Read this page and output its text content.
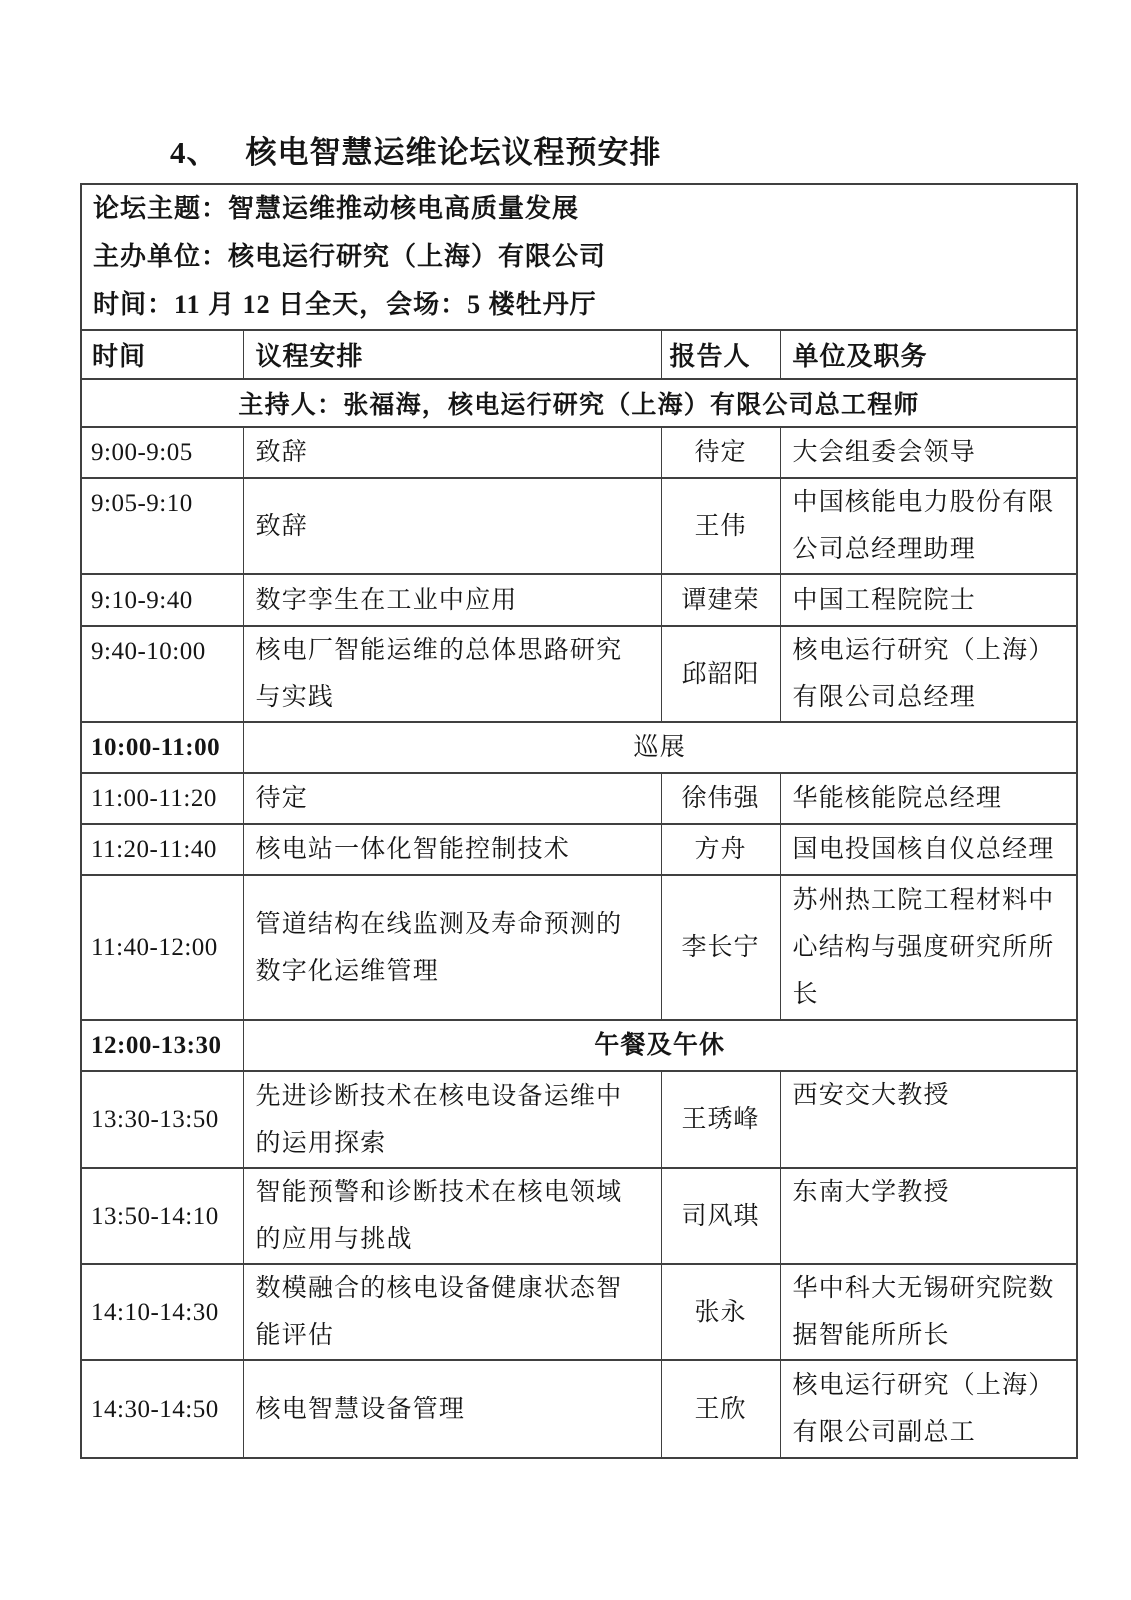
4、 核电智慧运维论坛议程预安排
论坛主题：智慧运维推动核电高质量发展
主办单位：核电运行研究（上海）有限公司
时间：11 月 12 日全天，会场：5 楼牡丹厅			

时间	议程安排	报告人	单位及职务
主持人：张福海，核电运行研究（上海）有限公司总工程师			
9:00-9:05	致辞	待定	大会组委会领导
9:05-9:10	致辞	王伟	中国核能电力股份有限公司总经理助理
9:10-9:40	数字孪生在工业中应用	谭建荣	中国工程院院士
9:40-10:00	核电厂智能运维的总体思路研究与实践	邱韶阳	核电运行研究（上海）有限公司总经理
10:00-11:00	巡展		
11:00-11:20	待定	徐伟强	华能核能院总经理
11:20-11:40	核电站一体化智能控制技术	方舟	国电投国核自仪总经理
11:40-12:00	管道结构在线监测及寿命预测的数字化运维管理	李长宁	苏州热工院工程材料中心结构与强度研究所所长
12:00-13:30	午餐及午休		
13:30-13:50	先进诊断技术在核电设备运维中的运用探索	王琇峰	西安交大教授
13:50-14:10	智能预警和诊断技术在核电领域的应用与挑战	司风琪	东南大学教授
14:10-14:30	数模融合的核电设备健康状态智能评估	张永	华中科大无锡研究院数据智能所所长
14:30-14:50	核电智慧设备管理	王欣	核电运行研究（上海）有限公司副总工
